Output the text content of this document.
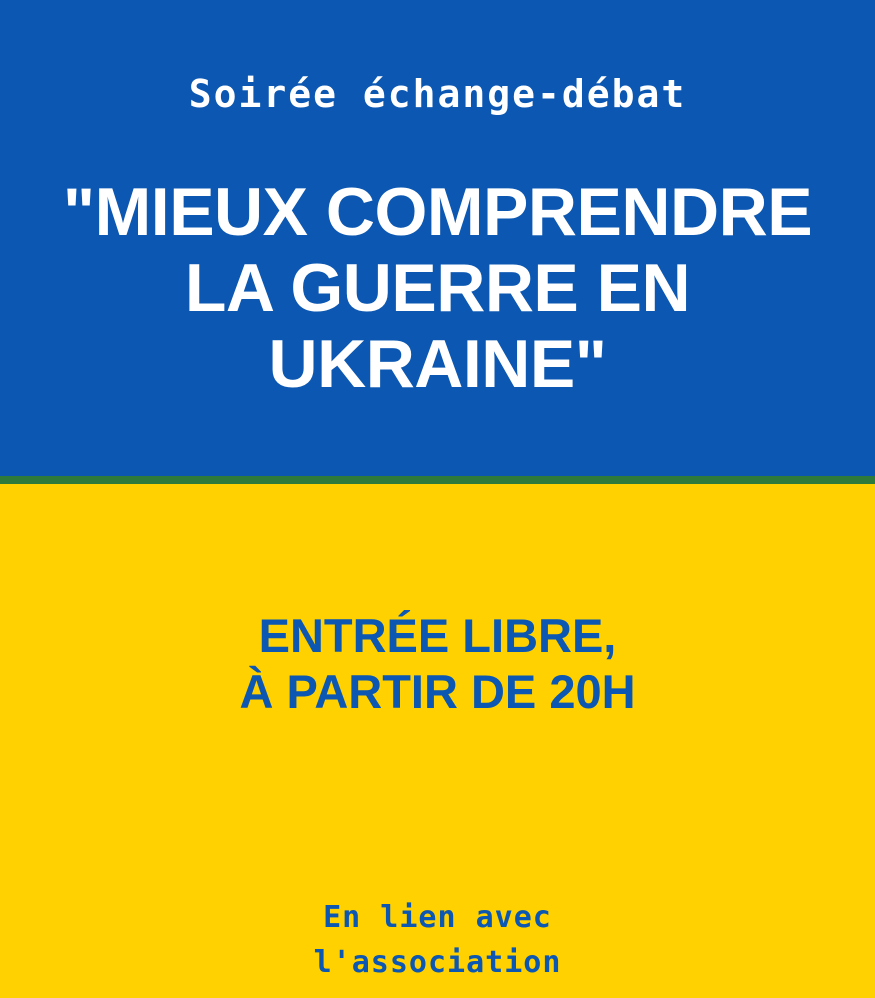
Soirée échange-débat
"MIEUX COMPRENDRE
LA GUERRE EN
UKRAINE"
ENTRÉE LIBRE,
À PARTIR DE 20H
En lien avec
l'association
